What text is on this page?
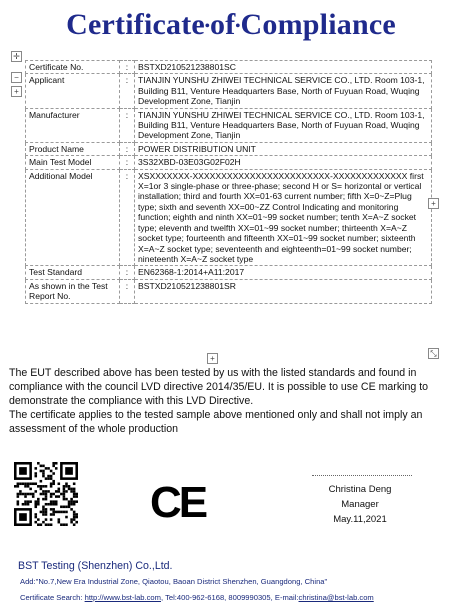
Certificate•of•Compliance
✛
−
+
Certificate No.	:	BSTXD210521238801SC
Applicant	:	TIANJIN YUNSHU ZHIWEI TECHNICAL SERVICE CO., LTD. Room 103-1, Building B11, Venture Headquarters Base, North of Fuyuan Road, Wuqing Development Zone, Tianjin
Manufacturer	:	TIANJIN YUNSHU ZHIWEI TECHNICAL SERVICE CO., LTD. Room 103-1, Building B11, Venture Headquarters Base, North of Fuyuan Road, Wuqing Development Zone, Tianjin
Product Name	:	POWER DISTRIBUTION UNIT
Main Test Model	:	3S32XBD-03E03G02F02H
Additional Model	:	XSXXXXXXX-XXXXXXXXXXXXXXXXXXXXXXXX-XXXXXXXXXXXXX first X=1or 3 single-phase or three-phase; second H or S= horizontal or vertical installation; third and fourth XX=01-63 current number; fifth X=0~Z=Plug type; sixth and seventh XX=00~ZZ Control Indicating and monitoring function; eighth and ninth XX=01~99 socket number; tenth X=A~Z socket type; eleventh and twelfth XX=01~99 socket number; thirteenth X=A~Z socket type; fourteenth and fifteenth XX=01~99 socket number; sixteenth X=A~Z socket type; seventeenth and eighteenth=01~99 socket number; nineteenth X=A~Z socket type
Test Standard	:	EN62368-1:2014+A11:2017
As shown in the Test Report No.	:	BSTXD210521238801SR
+
+
⤡
The EUT described above has been tested by us with the listed standards and found in compliance with the council LVD directive 2014/35/EU. It is possible to use CE marking to demonstrate the compliance with this LVD Directive.
The certificate applies to the tested sample above mentioned only and shall not imply an assessment of the whole production
CE	Christina Deng
Manager
May.11,2021
BST Testing (Shenzhen) Co.,Ltd.
Add:"No.7,New Era Industrial Zone, Qiaotou, Baoan District Shenzhen, Guangdong, China"
Certificate Search: http://www.bst-lab.com, Tel:400-962-6168, 8009990305, E-mail:christina@bst-lab.com
